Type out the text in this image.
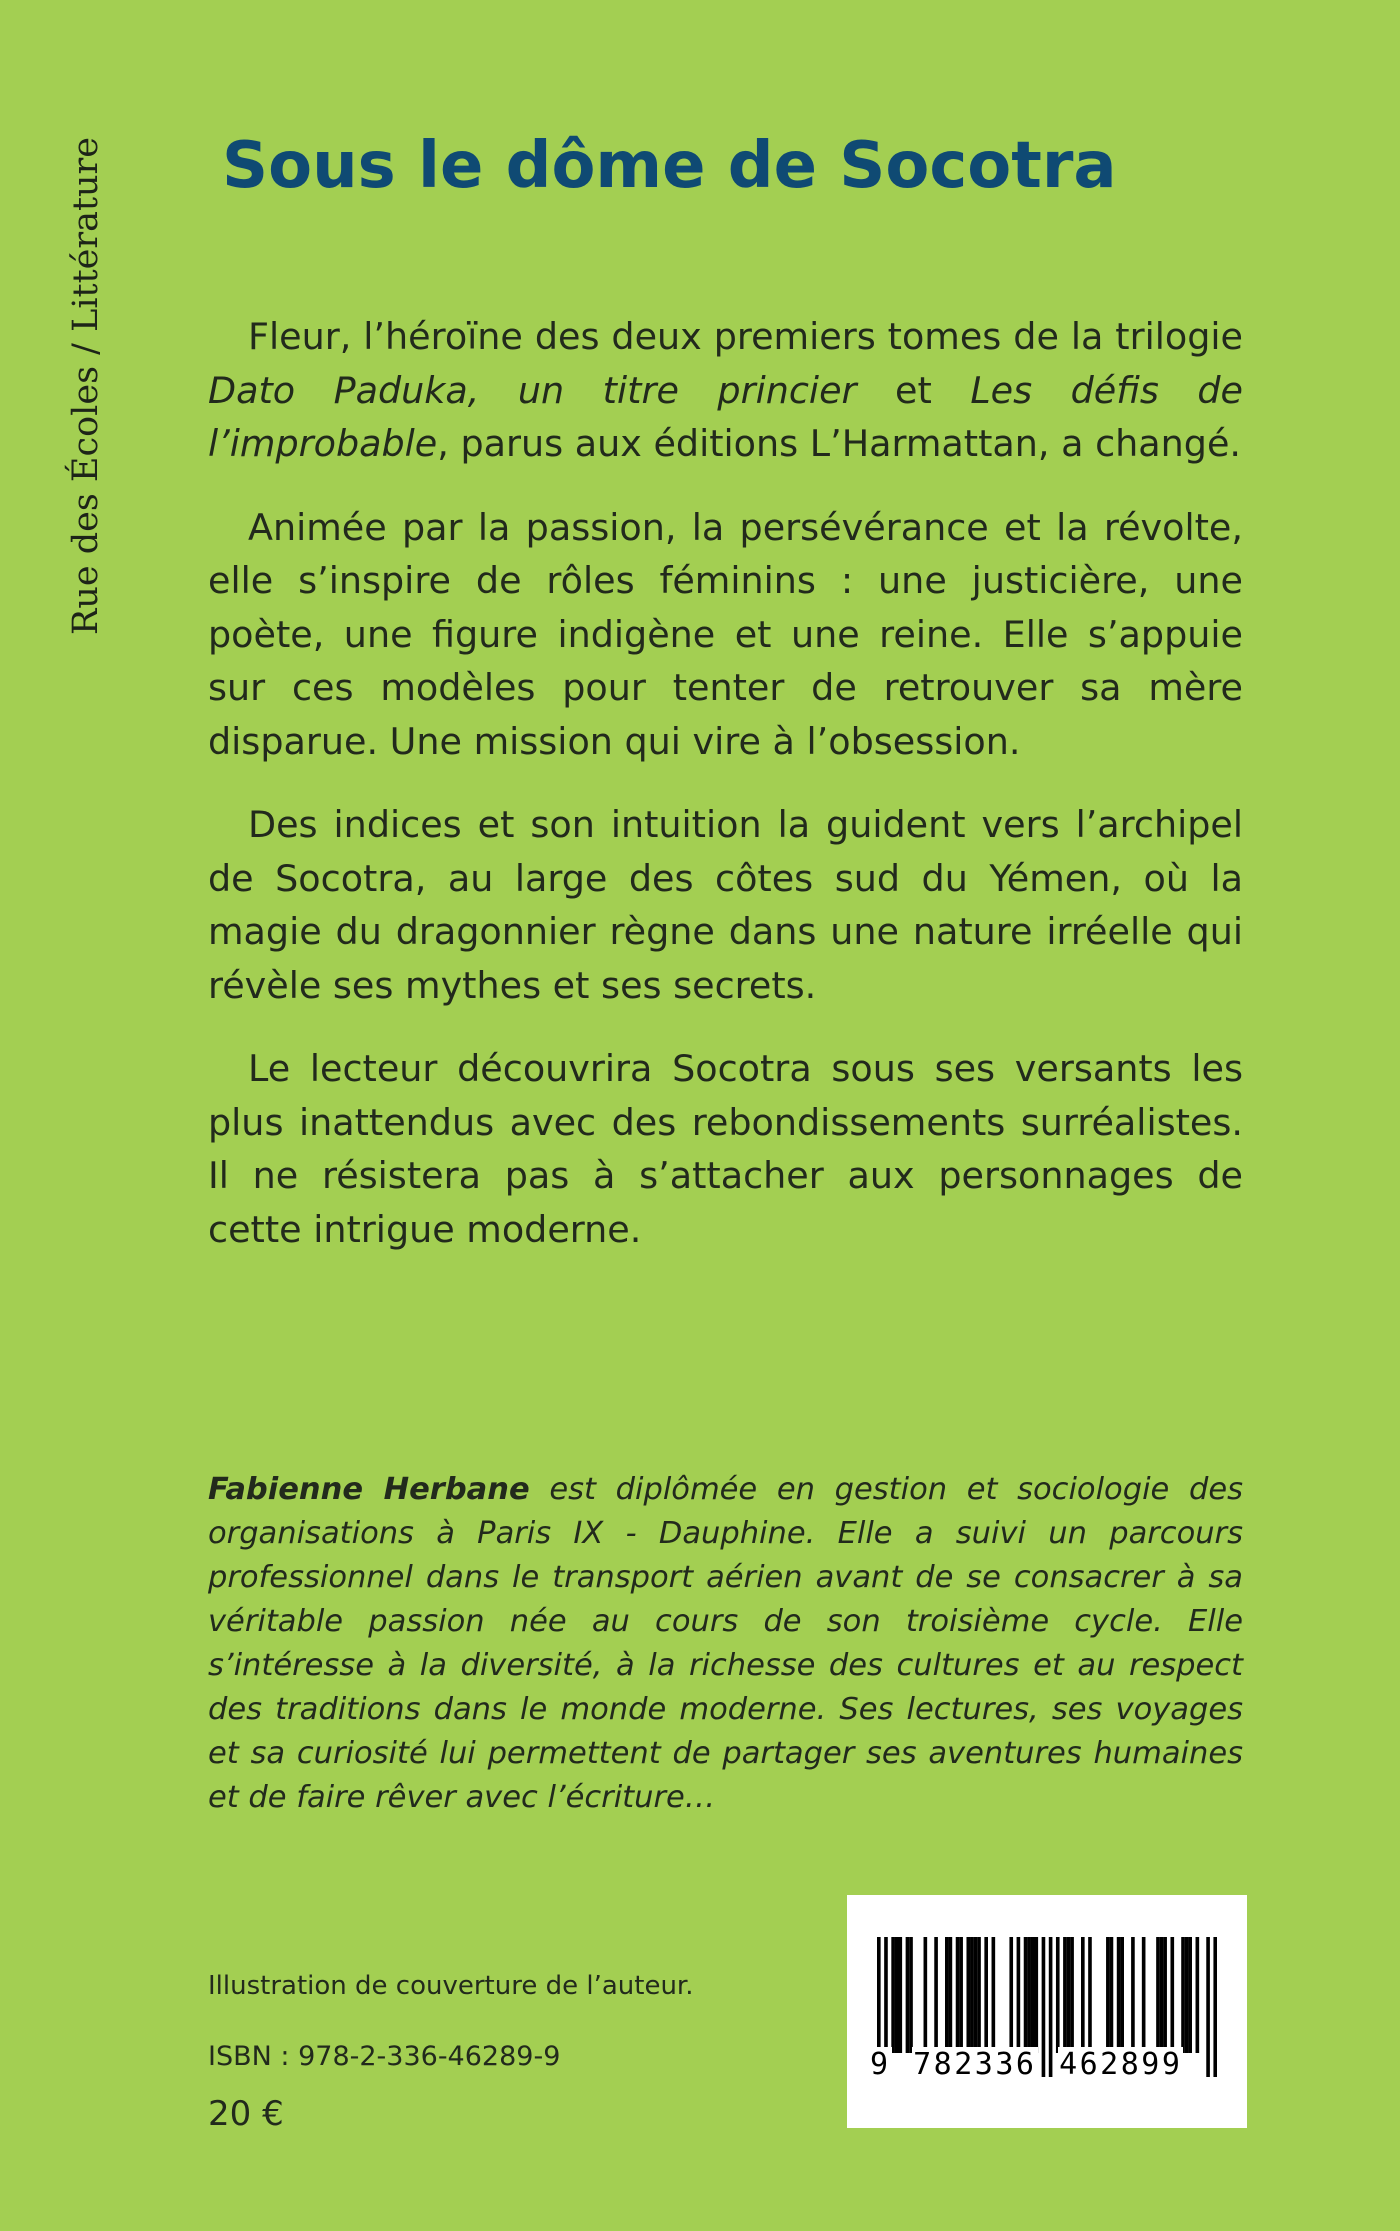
Rue des Écoles / Littérature Sous le dôme de Socotra

Fleur, l’héroïne des deux premiers tomes de la trilogie Dato Paduka, un titre princier et Les défis de l’improbable, parus aux éditions L’Harmattan, a changé.

Animée par la passion, la persévérance et la révolte, elle s’inspire de rôles féminins : une justicière, une poète, une figure indigène et une reine. Elle s’appuie sur ces modèles pour tenter de retrouver sa mère disparue. Une mission qui vire à l’obsession.

Des indices et son intuition la guident vers l’archipel de Socotra, au large des côtes sud du Yémen, où la magie du dragonnier règne dans une nature irréelle qui révèle ses mythes et ses secrets.

Le lecteur découvrira Socotra sous ses versants les plus inattendus avec des rebondissements surréalistes. Il ne résistera pas à s’attacher aux personnages de cette intrigue moderne.

Fabienne Herbane est diplômée en gestion et sociologie des organisations à Paris IX - Dauphine. Elle a suivi un parcours professionnel dans le transport aérien avant de se consacrer à sa véritable passion née au cours de son troisième cycle. Elle s’intéresse à la diversité, à la richesse des cultures et au respect des traditions dans le monde moderne. Ses lectures, ses voyages et sa curiosité lui permettent de partager ses aventures humaines et de faire rêver avec l’écriture…

Illustration de couverture de l’auteur.
ISBN : 978-2-336-46289-9
20 €
9 782336 462899
